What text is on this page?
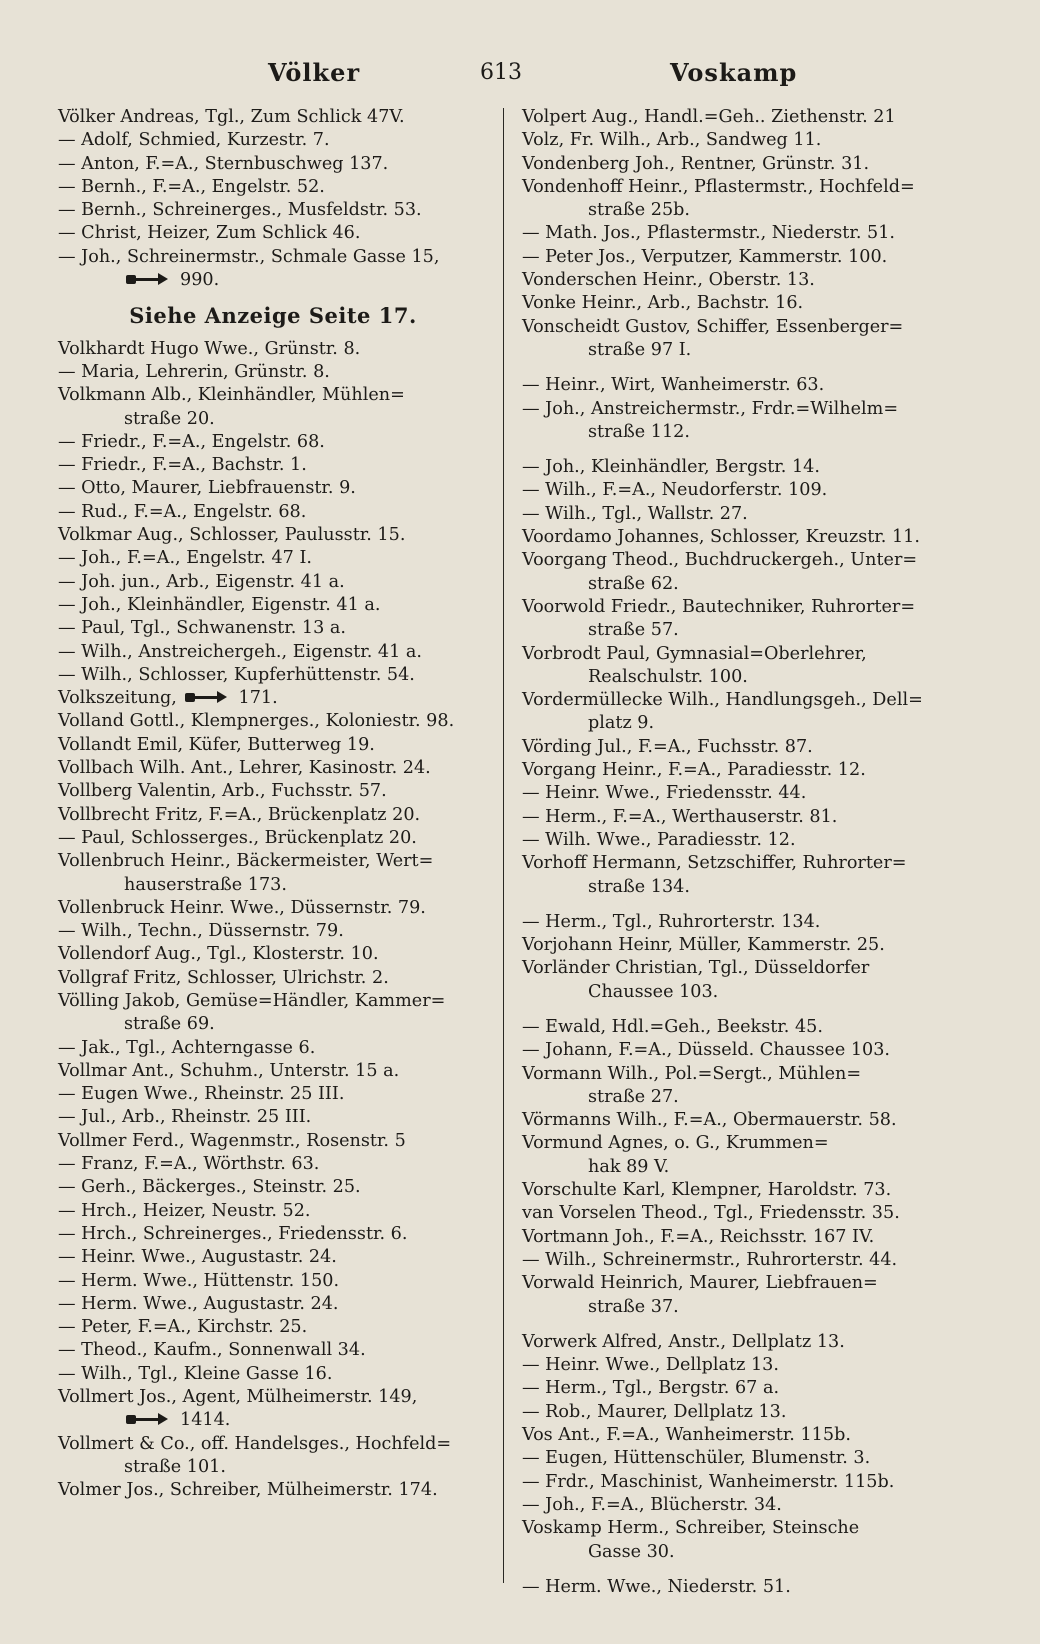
Völker	613	Voskamp
Völker Andreas, Tgl., Zum Schlick 47V.
— Adolf, Schmied, Kurzestr. 7.
— Anton, F.=A., Sternbuschweg 137.
— Bernh., F.=A., Engelstr. 52.
— Bernh., Schreinerges., Musfeldstr. 53.
— Christ, Heizer, Zum Schlick 46.
— Joh., Schreinermstr., Schmale Gasse 15,
990.
Siehe Anzeige Seite 17.
Volkhardt Hugo Wwe., Grünstr. 8.
— Maria, Lehrerin, Grünstr. 8.
Volkmann Alb., Kleinhändler, Mühlen=
straße 20.
— Friedr., F.=A., Engelstr. 68.
— Friedr., F.=A., Bachstr. 1.
— Otto, Maurer, Liebfrauenstr. 9.
— Rud., F.=A., Engelstr. 68.
Volkmar Aug., Schlosser, Paulusstr. 15.
— Joh., F.=A., Engelstr. 47 I.
— Joh. jun., Arb., Eigenstr. 41 a.
— Joh., Kleinhändler, Eigenstr. 41 a.
— Paul, Tgl., Schwanenstr. 13 a.
— Wilh., Anstreichergeh., Eigenstr. 41 a.
— Wilh., Schlosser, Kupferhüttenstr. 54.
Volkszeitung,	171.
Volland Gottl., Klempnerges., Koloniestr. 98.
Vollandt Emil, Küfer, Butterweg 19.
Vollbach Wilh. Ant., Lehrer, Kasinostr. 24.
Vollberg Valentin, Arb., Fuchsstr. 57.
Vollbrecht Fritz, F.=A., Brückenplatz 20.
— Paul, Schlosserges., Brückenplatz 20.
Vollenbruch Heinr., Bäckermeister, Wert=
hauserstraße 173.
Vollenbruck Heinr. Wwe., Düssernstr. 79.
— Wilh., Techn., Düssernstr. 79.
Vollendorf Aug., Tgl., Klosterstr. 10.
Vollgraf Fritz, Schlosser, Ulrichstr. 2.
Völling Jakob, Gemüse=Händler, Kammer=
straße 69.
— Jak., Tgl., Achterngasse 6.
Vollmar Ant., Schuhm., Unterstr. 15 a.
— Eugen Wwe., Rheinstr. 25 III.
— Jul., Arb., Rheinstr. 25 III.
Vollmer Ferd., Wagenmstr., Rosenstr. 5
— Franz, F.=A., Wörthstr. 63.
— Gerh., Bäckerges., Steinstr. 25.
— Hrch., Heizer, Neustr. 52.
— Hrch., Schreinerges., Friedensstr. 6.
— Heinr. Wwe., Augustastr. 24.
— Herm. Wwe., Hüttenstr. 150.
— Herm. Wwe., Augustastr. 24.
— Peter, F.=A., Kirchstr. 25.
— Theod., Kaufm., Sonnenwall 34.
— Wilh., Tgl., Kleine Gasse 16.
Vollmert Jos., Agent, Mülheimerstr. 149,
1414.
Vollmert & Co., off. Handelsges., Hochfeld=
straße 101.
Volmer Jos., Schreiber, Mülheimerstr. 174.
Volpert Aug., Handl.=Geh.. Ziethenstr. 21
Volz, Fr. Wilh., Arb., Sandweg 11.
Vondenberg Joh., Rentner, Grünstr. 31.
Vondenhoff Heinr., Pflastermstr., Hochfeld=
straße 25b.
— Math. Jos., Pflastermstr., Niederstr. 51.
— Peter Jos., Verputzer, Kammerstr. 100.
Vonderschen Heinr., Oberstr. 13.
Vonke Heinr., Arb., Bachstr. 16.
Vonscheidt Gustov, Schiffer, Essenberger=
straße 97 I.
— Heinr., Wirt, Wanheimerstr. 63.
— Joh., Anstreichermstr., Frdr.=Wilhelm=
straße 112.
— Joh., Kleinhändler, Bergstr. 14.
— Wilh., F.=A., Neudorferstr. 109.
— Wilh., Tgl., Wallstr. 27.
Voordamo Johannes, Schlosser, Kreuzstr. 11.
Voorgang Theod., Buchdruckergeh., Unter=
straße 62.
Voorwold Friedr., Bautechniker, Ruhrorter=
straße 57.
Vorbrodt Paul, Gymnasial=Oberlehrer,
Realschulstr. 100.
Vordermüllecke Wilh., Handlungsgeh., Dell=
platz 9.
Vörding Jul., F.=A., Fuchsstr. 87.
Vorgang Heinr., F.=A., Paradiesstr. 12.
— Heinr. Wwe., Friedensstr. 44.
— Herm., F.=A., Werthauserstr. 81.
— Wilh. Wwe., Paradiesstr. 12.
Vorhoff Hermann, Setzschiffer, Ruhrorter=
straße 134.
— Herm., Tgl., Ruhrorterstr. 134.
Vorjohann Heinr, Müller, Kammerstr. 25.
Vorländer Christian, Tgl., Düsseldorfer
Chaussee 103.
— Ewald, Hdl.=Geh., Beekstr. 45.
— Johann, F.=A., Düsseld. Chaussee 103.
Vormann Wilh., Pol.=Sergt., Mühlen=
straße 27.
Vörmanns Wilh., F.=A., Obermauerstr. 58.
Vormund Agnes, o. G., Krummen=
hak 89 V.
Vorschulte Karl, Klempner, Haroldstr. 73.
van Vorselen Theod., Tgl., Friedensstr. 35.
Vortmann Joh., F.=A., Reichsstr. 167 IV.
— Wilh., Schreinermstr., Ruhrorterstr. 44.
Vorwald Heinrich, Maurer, Liebfrauen=
straße 37.
Vorwerk Alfred, Anstr., Dellplatz 13.
— Heinr. Wwe., Dellplatz 13.
— Herm., Tgl., Bergstr. 67 a.
— Rob., Maurer, Dellplatz 13.
Vos Ant., F.=A., Wanheimerstr. 115b.
— Eugen, Hüttenschüler, Blumenstr. 3.
— Frdr., Maschinist, Wanheimerstr. 115b.
— Joh., F.=A., Blücherstr. 34.
Voskamp Herm., Schreiber, Steinsche
Gasse 30.
— Herm. Wwe., Niederstr. 51.
